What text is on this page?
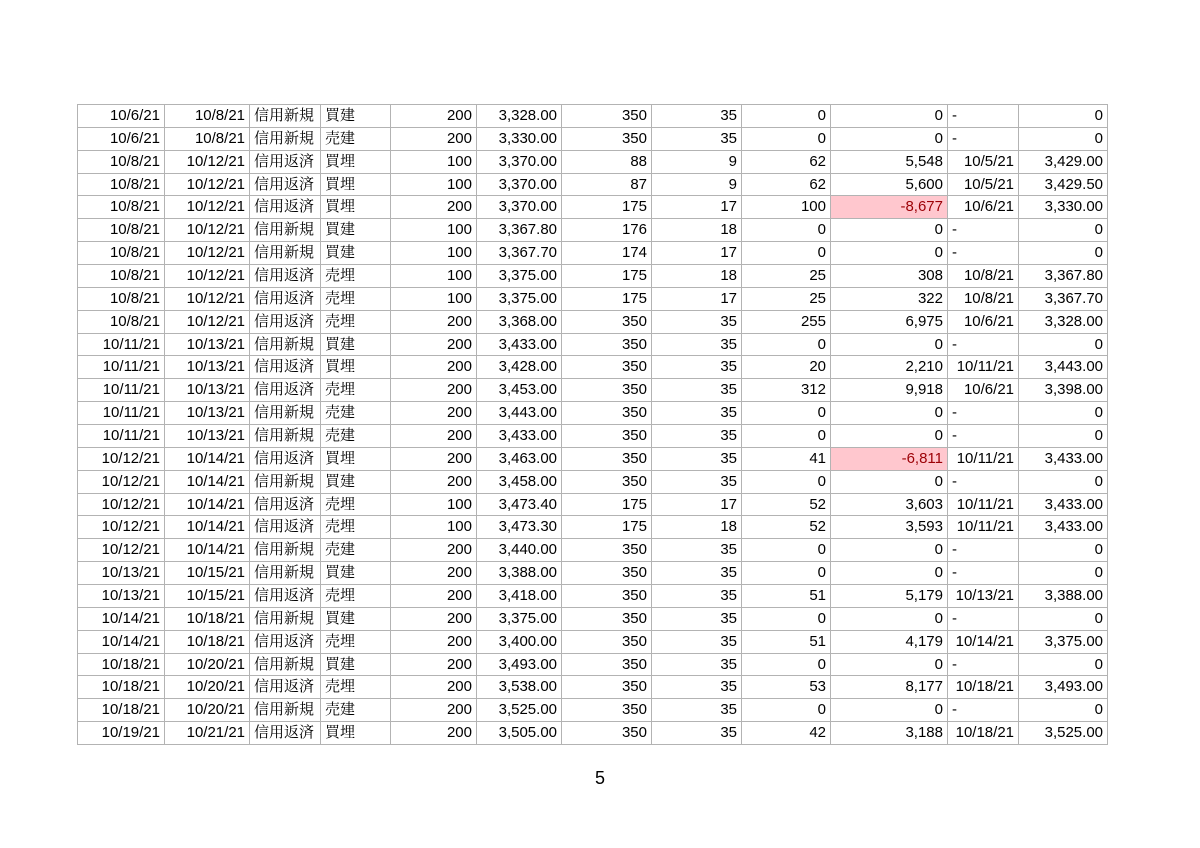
10/6/21	10/8/21	信用新規	買建	200	3,328.00	350	35	0	0	-	0
10/6/21	10/8/21	信用新規	売建	200	3,330.00	350	35	0	0	-	0
10/8/21	10/12/21	信用返済	買埋	100	3,370.00	88	9	62	5,548	10/5/21	3,429.00
10/8/21	10/12/21	信用返済	買埋	100	3,370.00	87	9	62	5,600	10/5/21	3,429.50
10/8/21	10/12/21	信用返済	買埋	200	3,370.00	175	17	100	-8,677	10/6/21	3,330.00
10/8/21	10/12/21	信用新規	買建	100	3,367.80	176	18	0	0	-	0
10/8/21	10/12/21	信用新規	買建	100	3,367.70	174	17	0	0	-	0
10/8/21	10/12/21	信用返済	売埋	100	3,375.00	175	18	25	308	10/8/21	3,367.80
10/8/21	10/12/21	信用返済	売埋	100	3,375.00	175	17	25	322	10/8/21	3,367.70
10/8/21	10/12/21	信用返済	売埋	200	3,368.00	350	35	255	6,975	10/6/21	3,328.00
10/11/21	10/13/21	信用新規	買建	200	3,433.00	350	35	0	0	-	0
10/11/21	10/13/21	信用返済	買埋	200	3,428.00	350	35	20	2,210	10/11/21	3,443.00
10/11/21	10/13/21	信用返済	売埋	200	3,453.00	350	35	312	9,918	10/6/21	3,398.00
10/11/21	10/13/21	信用新規	売建	200	3,443.00	350	35	0	0	-	0
10/11/21	10/13/21	信用新規	売建	200	3,433.00	350	35	0	0	-	0
10/12/21	10/14/21	信用返済	買埋	200	3,463.00	350	35	41	-6,811	10/11/21	3,433.00
10/12/21	10/14/21	信用新規	買建	200	3,458.00	350	35	0	0	-	0
10/12/21	10/14/21	信用返済	売埋	100	3,473.40	175	17	52	3,603	10/11/21	3,433.00
10/12/21	10/14/21	信用返済	売埋	100	3,473.30	175	18	52	3,593	10/11/21	3,433.00
10/12/21	10/14/21	信用新規	売建	200	3,440.00	350	35	0	0	-	0
10/13/21	10/15/21	信用新規	買建	200	3,388.00	350	35	0	0	-	0
10/13/21	10/15/21	信用返済	売埋	200	3,418.00	350	35	51	5,179	10/13/21	3,388.00
10/14/21	10/18/21	信用新規	買建	200	3,375.00	350	35	0	0	-	0
10/14/21	10/18/21	信用返済	売埋	200	3,400.00	350	35	51	4,179	10/14/21	3,375.00
10/18/21	10/20/21	信用新規	買建	200	3,493.00	350	35	0	0	-	0
10/18/21	10/20/21	信用返済	売埋	200	3,538.00	350	35	53	8,177	10/18/21	3,493.00
10/18/21	10/20/21	信用新規	売建	200	3,525.00	350	35	0	0	-	0
10/19/21	10/21/21	信用返済	買埋	200	3,505.00	350	35	42	3,188	10/18/21	3,525.00
5
